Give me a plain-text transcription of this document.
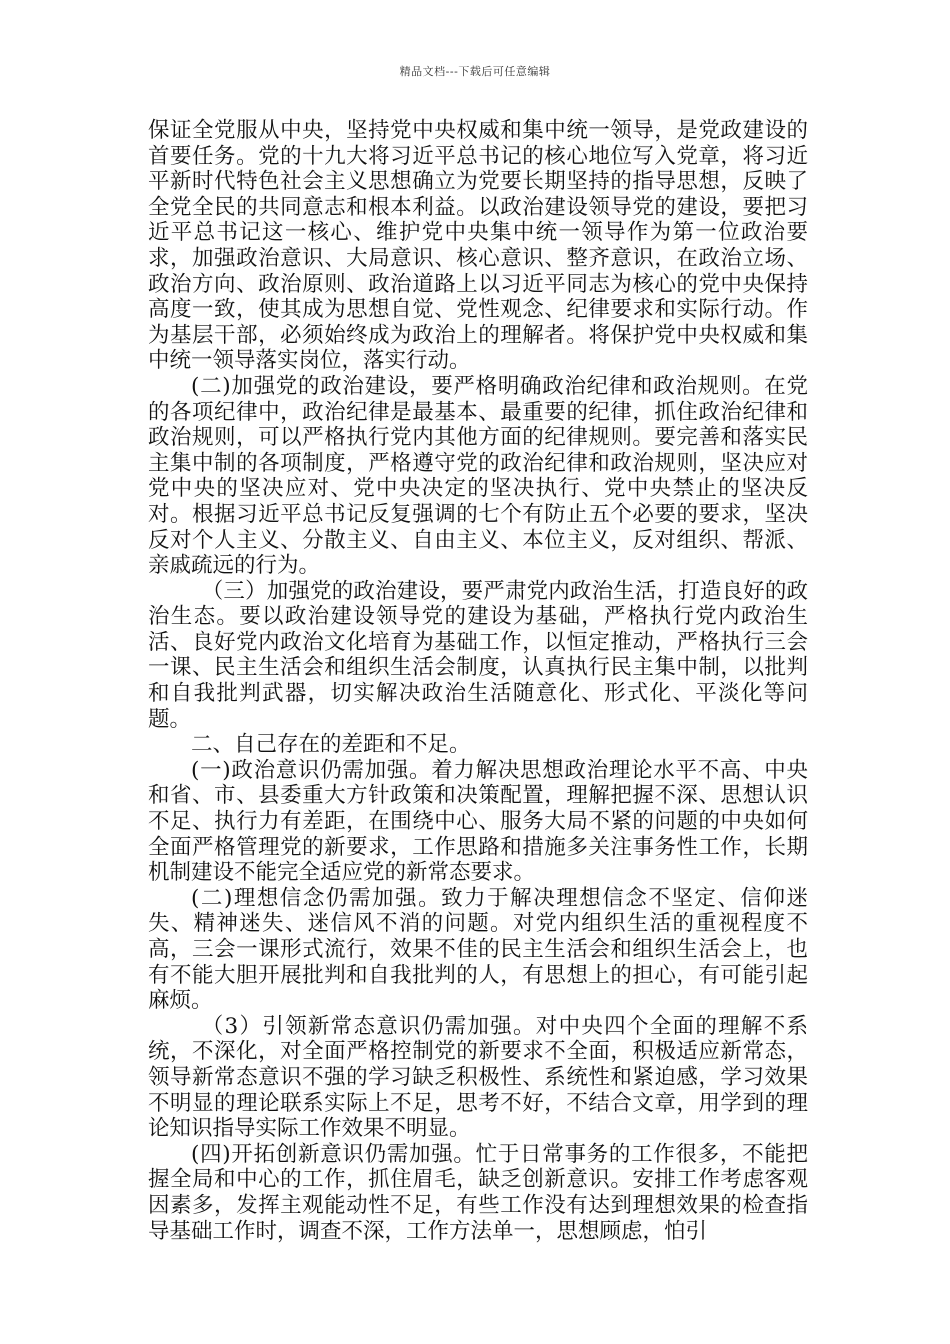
精品文档---下载后可任意编辑

保证全党服从中央，坚持党中央权威和集中统一领导，是党政建设的首要任务。党的十九大将习近平总书记的核心地位写入党章，将习近平新时代特色社会主义思想确立为党要长期坚持的指导思想，反映了全党全民的共同意志和根本利益。以政治建设领导党的建设，要把习近平总书记这一核心、维护党中央集中统一领导作为第一位政治要求，加强政治意识、大局意识、核心意识、整齐意识，在政治立场、政治方向、政治原则、政治道路上以习近平同志为核心的党中央保持高度一致，使其成为思想自觉、党性观念、纪律要求和实际行动。作为基层干部，必须始终成为政治上的理解者。将保护党中央权威和集中统一领导落实岗位，落实行动。

(二)加强党的政治建设，要严格明确政治纪律和政治规则。在党的各项纪律中，政治纪律是最基本、最重要的纪律，抓住政治纪律和政治规则，可以严格执行党内其他方面的纪律规则。要完善和落实民主集中制的各项制度，严格遵守党的政治纪律和政治规则，坚决应对党中央的坚决应对、党中央决定的坚决执行、党中央禁止的坚决反对。根据习近平总书记反复强调的七个有防止五个必要的要求，坚决反对个人主义、分散主义、自由主义、本位主义，反对组织、帮派、亲戚疏远的行为。

（三）加强党的政治建设，要严肃党内政治生活，打造良好的政治生态。要以政治建设领导党的建设为基础，严格执行党内政治生活、良好党内政治文化培育为基础工作，以恒定推动，严格执行三会一课、民主生活会和组织生活会制度，认真执行民主集中制，以批判和自我批判武器，切实解决政治生活随意化、形式化、平淡化等问题。

二、自己存在的差距和不足。

(一)政治意识仍需加强。着力解决思想政治理论水平不高、中央和省、市、县委重大方针政策和决策配置，理解把握不深、思想认识不足、执行力有差距，在围绕中心、服务大局不紧的问题的中央如何全面严格管理党的新要求，工作思路和措施多关注事务性工作，长期机制建设不能完全适应党的新常态要求。

(二)理想信念仍需加强。致力于解决理想信念不坚定、信仰迷失、精神迷失、迷信风不消的问题。对党内组织生活的重视程度不高，三会一课形式流行，效果不佳的民主生活会和组织生活会上，也有不能大胆开展批判和自我批判的人，有思想上的担心，有可能引起麻烦。

（3）引领新常态意识仍需加强。对中央四个全面的理解不系统，不深化，对全面严格控制党的新要求不全面，积极适应新常态，领导新常态意识不强的学习缺乏积极性、系统性和紧迫感，学习效果不明显的理论联系实际上不足，思考不好，不结合文章，用学到的理论知识指导实际工作效果不明显。

(四)开拓创新意识仍需加强。忙于日常事务的工作很多，不能把握全局和中心的工作，抓住眉毛，缺乏创新意识。安排工作考虑客观因素多，发挥主观能动性不足，有些工作没有达到理想效果的检查指导基础工作时，调查不深，工作方法单一，思想顾虑，怕引
